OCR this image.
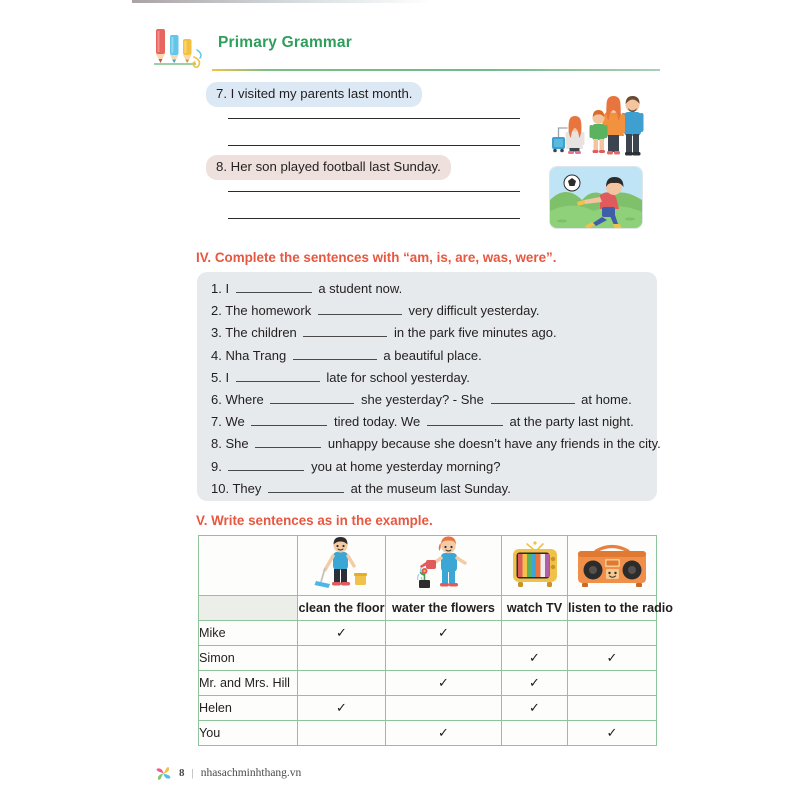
Primary Grammar
7. I visited my parents last month.
8. Her son played football last Sunday.
IV. Complete the sentences with “am, is, are, was, were”.
1. I	a student now.
2. The homework	very difficult yesterday.
3. The children	in the park five minutes ago.
4. Nha Trang	a beautiful place.
5. I	late for school yesterday.
6. Where	she yesterday? - She	at home.
7. We	tired today. We	at the party last night.
8. She	unhappy because she doesn’t have any friends in the city.
9.	you at home yesterday morning?
10. They	at the museum last Sunday.
V. Write sentences as in the example.

	clean the floor	water the flowers	watch TV	listen to the radio
Mike	✓	✓		
Simon			✓	✓
Mr. and Mrs. Hill		✓	✓	
Helen	✓		✓	
You		✓		✓
8 | nhasachminhthang.vn
